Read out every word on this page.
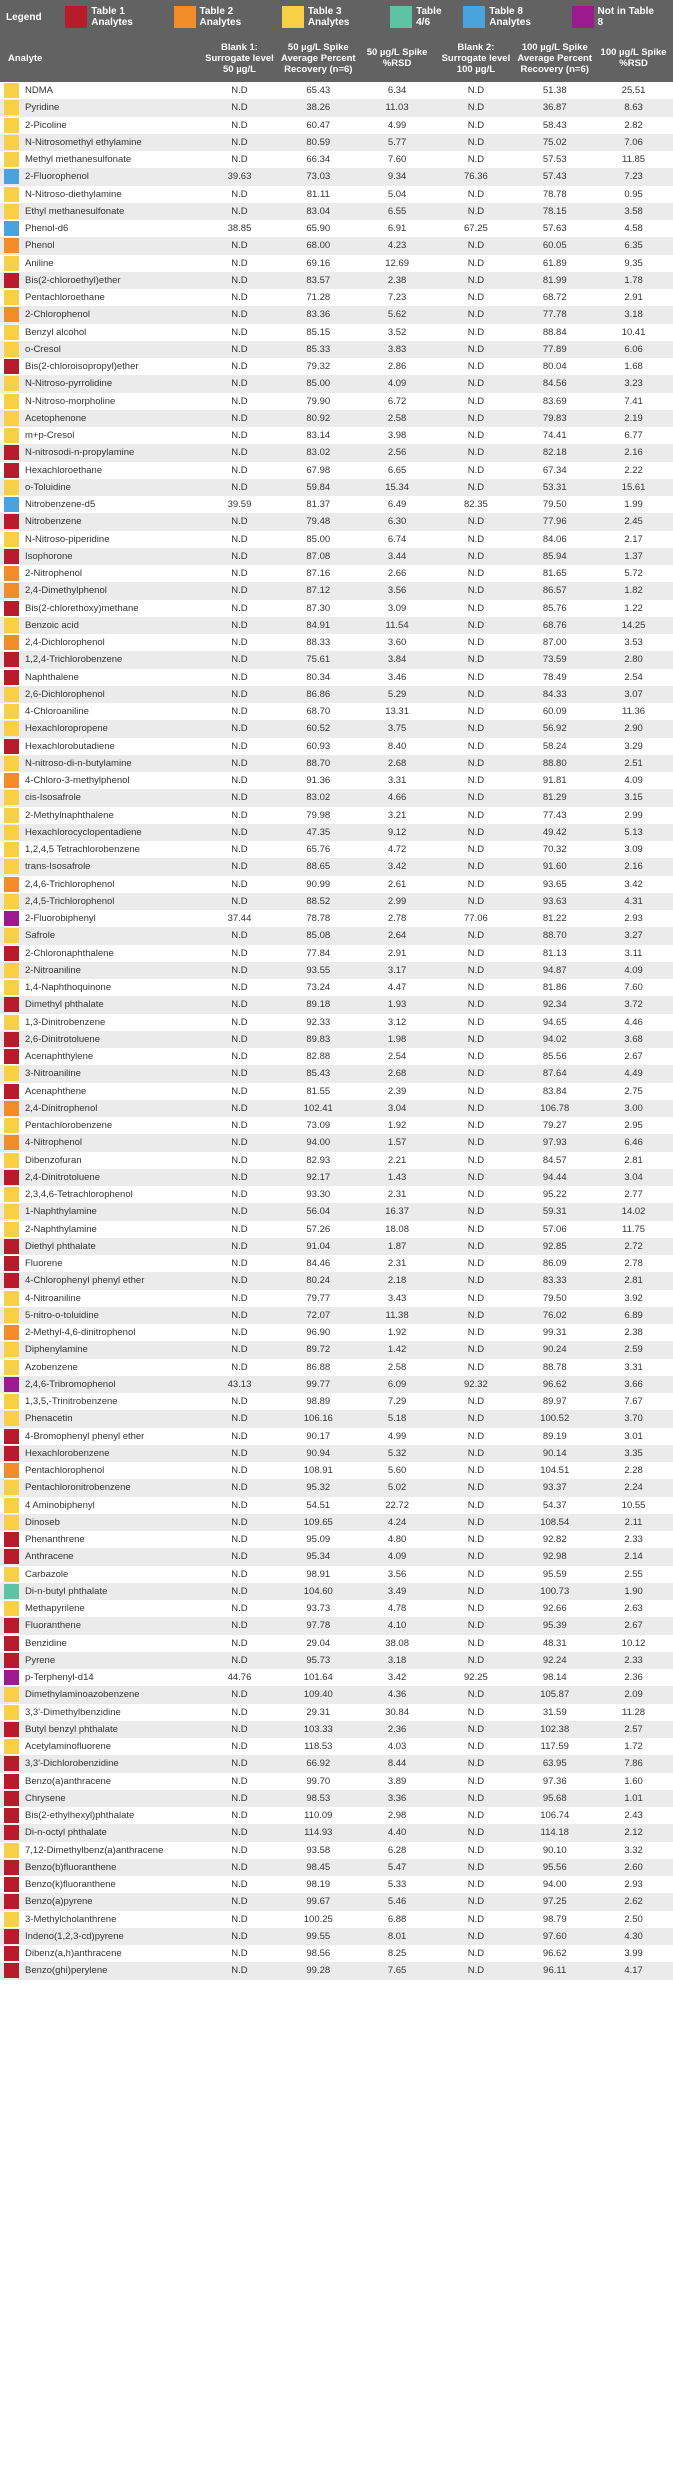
Legend	Table 1 Analytes
Table 2 Analytes
Table 3 Analytes
Table 4/6
Table 8 Analytes
Not in Table 8
Analyte	Blank 1: Surrogate level 50 µg/L	50 µg/L Spike Average Percent Recovery (n=6)	50 µg/L Spike %RSD	Blank 2: Surrogate level 100 µg/L	100 µg/L Spike Average Percent Recovery (n=6)	100 µg/L Spike %RSD

NDMA	N.D	65.43	6.34	N.D	51.38	25.51

Pyridine	N.D	38.26	11.03	N.D	36.87	8.63

2-Picoline	N.D	60.47	4.99	N.D	58.43	2.82

N-Nitrosomethyl ethylamine	N.D	80.59	5.77	N.D	75.02	7.06

Methyl methanesulfonate	N.D	66.34	7.60	N.D	57.53	11.85

2-Fluorophenol	39.63	73.03	9.34	76.36	57.43	7.23

N-Nitroso-diethylamine	N.D	81.11	5.04	N.D	78.78	0.95

Ethyl methanesulfonate	N.D	83.04	6.55	N.D	78.15	3.58

Phenol-d6	38.85	65.90	6.91	67.25	57.63	4.58

Phenol	N.D	68.00	4.23	N.D	60.05	6.35

Aniline	N.D	69.16	12.69	N.D	61.89	9.35

Bis(2-chloroethyl)ether	N.D	83.57	2.38	N.D	81.99	1.78

Pentachloroethane	N.D	71.28	7.23	N.D	68.72	2.91

2-Chlorophenol	N.D	83.36	5.62	N.D	77.78	3.18

Benzyl alcohol	N.D	85.15	3.52	N.D	88.84	10.41

o-Cresol	N.D	85.33	3.83	N.D	77.89	6.06

Bis(2-chloroisopropyl)ether	N.D	79.32	2.86	N.D	80.04	1.68

N-Nitroso-pyrrolidine	N.D	85.00	4.09	N.D	84.56	3.23

N-Nitroso-morpholine	N.D	79.90	6.72	N.D	83.69	7.41

Acetophenone	N.D	80.92	2.58	N.D	79.83	2.19

m+p-Cresol	N.D	83.14	3.98	N.D	74.41	6.77

N-nitrosodi-n-propylamine	N.D	83.02	2.56	N.D	82.18	2.16

Hexachloroethane	N.D	67.98	6.65	N.D	67.34	2.22

o-Toluidine	N.D	59.84	15.34	N.D	53.31	15.61

Nitrobenzene-d5	39.59	81.37	6.49	82.35	79.50	1.99

Nitrobenzene	N.D	79.48	6.30	N.D	77.96	2.45

N-Nitroso-piperidine	N.D	85.00	6.74	N.D	84.06	2.17

Isophorone	N.D	87.08	3.44	N.D	85.94	1.37

2-Nitrophenol	N.D	87.16	2.66	N.D	81.65	5.72

2,4-Dimethylphenol	N.D	87.12	3.56	N.D	86.57	1.82

Bis(2-chlorethoxy)methane	N.D	87.30	3.09	N.D	85.76	1.22

Benzoic acid	N.D	84.91	11.54	N.D	68.76	14.25

2,4-Dichlorophenol	N.D	88.33	3.60	N.D	87.00	3.53

1,2,4-Trichlorobenzene	N.D	75.61	3.84	N.D	73.59	2.80

Naphthalene	N.D	80.34	3.46	N.D	78.49	2.54

2,6-Dichlorophenol	N.D	86.86	5.29	N.D	84.33	3.07

4-Chloroaniline	N.D	68.70	13.31	N.D	60.09	11.36

Hexachloropropene	N.D	60.52	3.75	N.D	56.92	2.90

Hexachlorobutadiene	N.D	60.93	8.40	N.D	58.24	3.29

N-nitroso-di-n-butylamine	N.D	88.70	2.68	N.D	88.80	2.51

4-Chloro-3-methylphenol	N.D	91.36	3.31	N.D	91.81	4.09

cis-Isosafrole	N.D	83.02	4.66	N.D	81.29	3.15

2-Methylnaphthalene	N.D	79.98	3.21	N.D	77.43	2.99

Hexachlorocyclopentadiene	N.D	47.35	9.12	N.D	49.42	5.13

1,2,4,5 Tetrachlorobenzene	N.D	65.76	4.72	N.D	70.32	3.09

trans-Isosafrole	N.D	88.65	3.42	N.D	91.60	2.16

2,4,6-Trichlorophenol	N.D	90.99	2.61	N.D	93.65	3.42

2,4,5-Trichlorophenol	N.D	88.52	2.99	N.D	93.63	4.31

2-Fluorobiphenyl	37.44	78.78	2.78	77.06	81.22	2.93

Safrole	N.D	85.08	2.64	N.D	88.70	3.27

2-Chloronaphthalene	N.D	77.84	2.91	N.D	81.13	3.11

2-Nitroaniline	N.D	93.55	3.17	N.D	94.87	4.09

1,4-Naphthoquinone	N.D	73.24	4.47	N.D	81.86	7.60

Dimethyl phthalate	N.D	89.18	1.93	N.D	92.34	3.72

1,3-Dinitrobenzene	N.D	92.33	3.12	N.D	94.65	4.46

2,6-Dinitrotoluene	N.D	89.83	1.98	N.D	94.02	3.68

Acenaphthylene	N.D	82.88	2.54	N.D	85.56	2.67

3-Nitroaniline	N.D	85.43	2.68	N.D	87.64	4.49

Acenaphthene	N.D	81.55	2.39	N.D	83.84	2.75

2,4-Dinitrophenol	N.D	102.41	3.04	N.D	106.78	3.00

Pentachlorobenzene	N.D	73.09	1.92	N.D	79.27	2.95

4-Nitrophenol	N.D	94.00	1.57	N.D	97.93	6.46

Dibenzofuran	N.D	82.93	2.21	N.D	84.57	2.81

2,4-Dinitrotoluene	N.D	92.17	1.43	N.D	94.44	3.04

2,3,4,6-Tetrachlorophenol	N.D	93.30	2.31	N.D	95.22	2.77

1-Naphthylamine	N.D	56.04	16.37	N.D	59.31	14.02

2-Naphthylamine	N.D	57.26	18.08	N.D	57.06	11.75

Diethyl phthalate	N.D	91.04	1.87	N.D	92.85	2.72

Fluorene	N.D	84.46	2.31	N.D	86.09	2.78

4-Chlorophenyl phenyl ether	N.D	80.24	2.18	N.D	83.33	2.81

4-Nitroaniline	N.D	79.77	3.43	N.D	79.50	3.92

5-nitro-o-toluidine	N.D	72.07	11.38	N.D	76.02	6.89

2-Methyl-4,6-dinitrophenol	N.D	96.90	1.92	N.D	99.31	2.38

Diphenylamine	N.D	89.72	1.42	N.D	90.24	2.59

Azobenzene	N.D	86.88	2.58	N.D	88.78	3.31

2,4,6-Tribromophenol	43.13	99.77	6.09	92.32	96.62	3.66

1,3,5,-Trinitrobenzene	N.D	98.89	7.29	N.D	89.97	7.67

Phenacetin	N.D	106.16	5.18	N.D	100.52	3.70

4-Bromophenyl phenyl ether	N.D	90.17	4.99	N.D	89.19	3.01

Hexachlorobenzene	N.D	90.94	5.32	N.D	90.14	3.35

Pentachlorophenol	N.D	108.91	5.60	N.D	104.51	2.28

Pentachloronitrobenzene	N.D	95.32	5.02	N.D	93.37	2.24

4 Aminobiphenyl	N.D	54.51	22.72	N.D	54.37	10.55

Dinoseb	N.D	109.65	4.24	N.D	108.54	2.11

Phenanthrene	N.D	95.09	4.80	N.D	92.82	2.33

Anthracene	N.D	95.34	4.09	N.D	92.98	2.14

Carbazole	N.D	98.91	3.56	N.D	95.59	2.55

Di-n-butyl phthalate	N.D	104.60	3.49	N.D	100.73	1.90

Methapyrilene	N.D	93.73	4.78	N.D	92.66	2.63

Fluoranthene	N.D	97.78	4.10	N.D	95.39	2.67

Benzidine	N.D	29.04	38.08	N.D	48.31	10.12

Pyrene	N.D	95.73	3.18	N.D	92.24	2.33

p-Terphenyl-d14	44.76	101.64	3.42	92.25	98.14	2.36

Dimethylaminoazobenzene	N.D	109.40	4.36	N.D	105.87	2.09

3,3'-Dimethylbenzidine	N.D	29.31	30.84	N.D	31.59	11.28

Butyl benzyl phthalate	N.D	103.33	2.36	N.D	102.38	2.57

Acetylaminofluorene	N.D	118.53	4.03	N.D	117.59	1.72

3,3'-Dichlorobenzidine	N.D	66.92	8.44	N.D	63.95	7.86

Benzo(a)anthracene	N.D	99.70	3.89	N.D	97.36	1.60

Chrysene	N.D	98.53	3.36	N.D	95.68	1.01

Bis(2-ethylhexyl)phthalate	N.D	110.09	2.98	N.D	106.74	2.43

Di-n-octyl phthalate	N.D	114.93	4.40	N.D	114.18	2.12

7,12-Dimethylbenz(a)anthracene	N.D	93.58	6.28	N.D	90.10	3.32

Benzo(b)fluoranthene	N.D	98.45	5.47	N.D	95.56	2.60

Benzo(k)fluoranthene	N.D	98.19	5.33	N.D	94.00	2.93

Benzo(a)pyrene	N.D	99.67	5.46	N.D	97.25	2.62

3-Methylcholanthrene	N.D	100.25	6.88	N.D	98.79	2.50

Indeno(1,2,3-cd)pyrene	N.D	99.55	8.01	N.D	97.60	4.30

Dibenz(a,h)anthracene	N.D	98.56	8.25	N.D	96.62	3.99

Benzo(ghi)perylene	N.D	99.28	7.65	N.D	96.11	4.17
